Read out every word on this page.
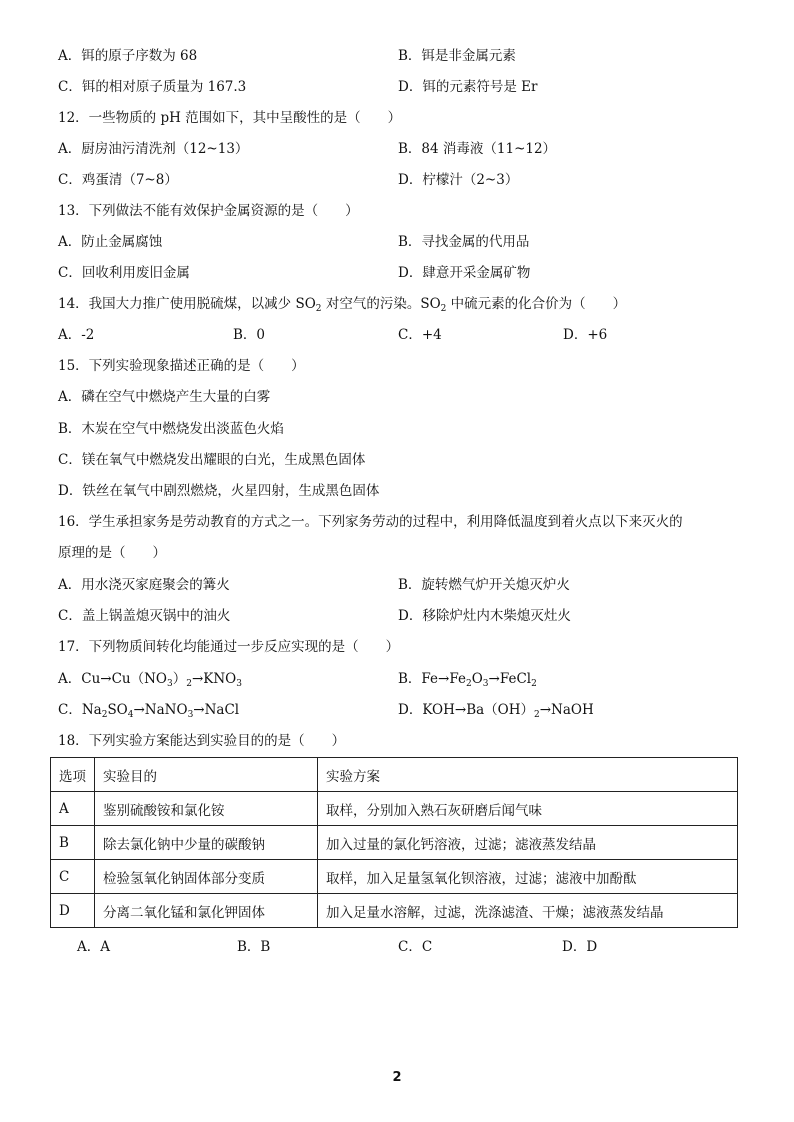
A．铒的原子序数为 68	B．铒是非金属元素
C．铒的相对原子质量为 167.3	D．铒的元素符号是 Er
12．一些物质的 pH 范围如下，其中呈酸性的是（　　）
A．厨房油污清洗剂（12~13）	B．84 消毒液（11~12）
C．鸡蛋清（7~8）	D．柠檬汁（2~3）
13．下列做法不能有效保护金属资源的是（　　）
A．防止金属腐蚀	B．寻找金属的代用品
C．回收利用废旧金属	D．肆意开采金属矿物
14．我国大力推广使用脱硫煤，以减少 $SO_2$ 对空气的污染。$SO_2$ 中硫元素的化合价为（　　）
A．-2	B．0	C．+4	D．+6
15．下列实验现象描述正确的是（　　）
A．磷在空气中燃烧产生大量的白雾
B．木炭在空气中燃烧发出淡蓝色火焰
C．镁在氧气中燃烧发出耀眼的白光，生成黑色固体
D．铁丝在氧气中剧烈燃烧，火星四射，生成黑色固体
16．学生承担家务是劳动教育的方式之一。下列家务劳动的过程中，利用降低温度到着火点以下来灭火的
原理的是（　　）
A．用水浇灭家庭聚会的篝火	B．旋转燃气炉开关熄灭炉火
C．盖上锅盖熄灭锅中的油火	D．移除炉灶内木柴熄灭灶火
17．下列物质间转化均能通过一步反应实现的是（　　）
A．$Cu\to Cu(NO_3)_2\to KNO_3$	B．$Fe\to Fe_2O_3\to FeCl_2$
C．$Na_2SO_4\to NaNO_3\to NaCl$	D．$KOH\to Ba(OH)_2\to NaOH$
18．下列实验方案能达到实验目的的是（　　）
选项	实验目的	实验方案
A	鉴别硫酸铵和氯化铵	取样，分别加入熟石灰研磨后闻气味
B	除去氯化钠中少量的碳酸钠	加入过量的氯化钙溶液，过滤；滤液蒸发结晶
C	检验氢氧化钠固体部分变质	取样，加入足量氢氧化钡溶液，过滤；滤液中加酚酞
D	分离二氧化锰和氯化钾固体	加入足量水溶解，过滤，洗涤滤渣、干燥；滤液蒸发结晶
A．A	B．B	C．C	D．D
2
